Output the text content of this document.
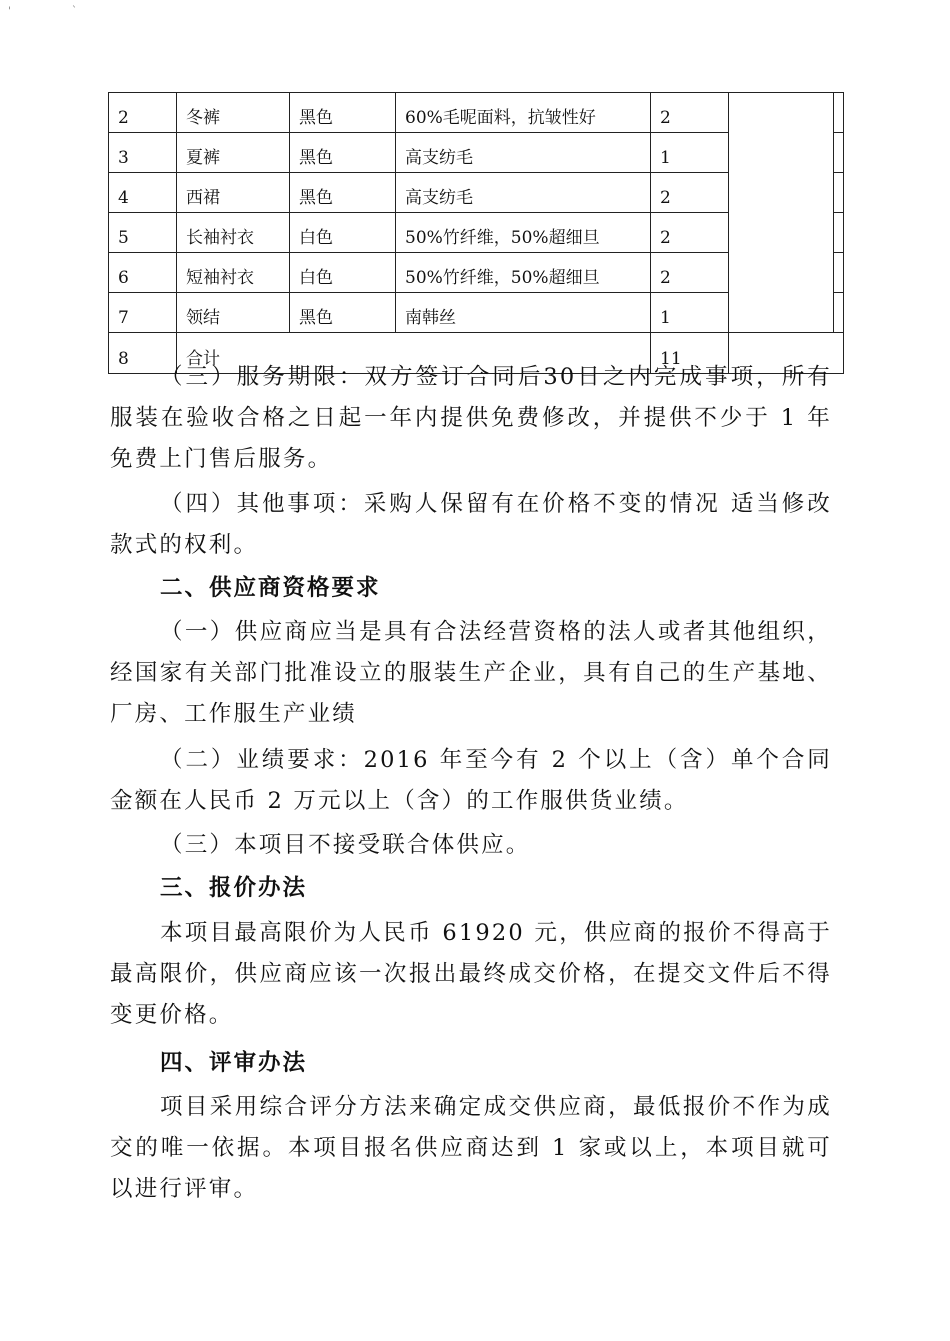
'	`
2	冬裤	黑色	60%毛呢面料，抗皱性好	2		
3	夏裤	黑色	高支纺毛	1		
4	西裙	黑色	高支纺毛	2		
5	长袖衬衣	白色	50%竹纤维，50%超细旦	2		
6	短袖衬衣	白色	50%竹纤维，50%超细旦	2		
7	领结	黑色	南韩丝	1		
8	合计			11		
（三）服务期限：双方签订合同后30日之内完成事项，所有服装在验收合格之日起一年内提供免费修改，并提供不少于 1 年免费上门售后服务。
（四）其他事项：采购人保留有在价格不变的情况 适当修改款式的权利。
二、供应商资格要求
（一）供应商应当是具有合法经营资格的法人或者其他组织，经国家有关部门批准设立的服装生产企业，具有自己的生产基地、厂房、工作服生产业绩
（二）业绩要求：2016 年至今有 2 个以上（含）单个合同金额在人民币 2 万元以上（含）的工作服供货业绩。
（三）本项目不接受联合体供应。
三、报价办法
本项目最高限价为人民币 61920 元，供应商的报价不得高于最高限价，供应商应该一次报出最终成交价格，在提交文件后不得变更价格。
四、评审办法
项目采用综合评分方法来确定成交供应商，最低报价不作为成交的唯一依据。本项目报名供应商达到 1 家或以上，本项目就可以进行评审。
